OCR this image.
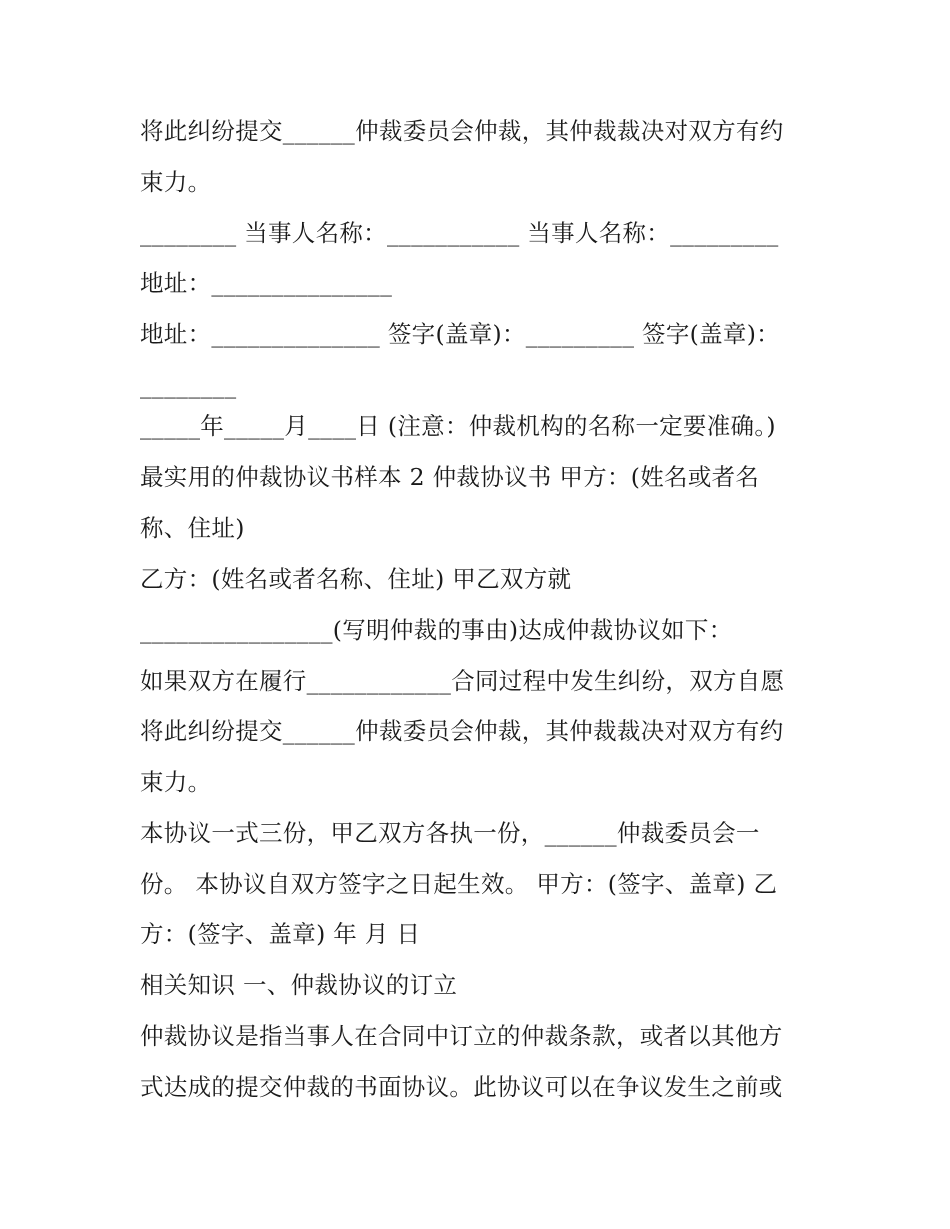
将此纠纷提交______仲裁委员会仲裁，其仲裁裁决对双方有约

束力。

________ 当事人名称：___________ 当事人名称：_________

地址：_______________

地址：______________ 签字(盖章)：_________ 签字(盖章)：

________

_____年_____月____日 (注意：仲裁机构的名称一定要准确。)

最实用的仲裁协议书样本 2 仲裁协议书 甲方：(姓名或者名

称、住址)

乙方：(姓名或者名称、住址) 甲乙双方就

________________(写明仲裁的事由)达成仲裁协议如下：

如果双方在履行____________合同过程中发生纠纷，双方自愿

将此纠纷提交______仲裁委员会仲裁，其仲裁裁决对双方有约

束力。

本协议一式三份，甲乙双方各执一份，______仲裁委员会一

份。 本协议自双方签字之日起生效。 甲方：(签字、盖章) 乙

方：(签字、盖章) 年 月 日

相关知识 一、仲裁协议的订立

仲裁协议是指当事人在合同中订立的仲裁条款，或者以其他方

式达成的提交仲裁的书面协议。此协议可以在争议发生之前或
